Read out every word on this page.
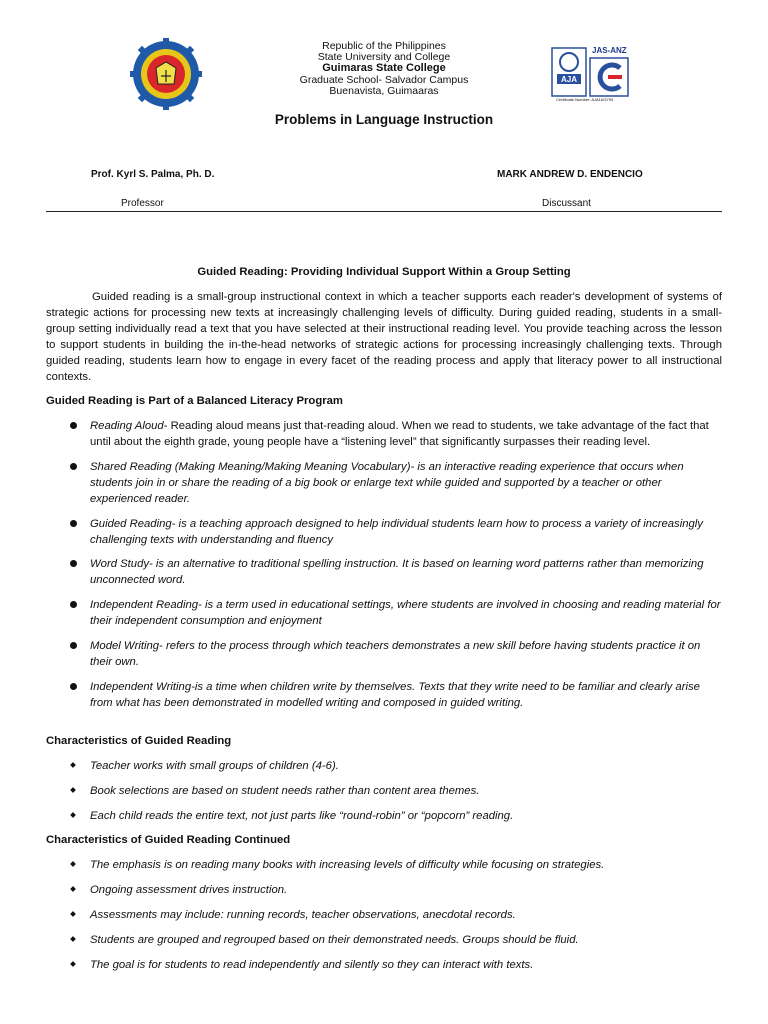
Republic of the Philippines
State University and College
Guimaras State College
Graduate School- Salvador Campus
Buenavista, Guimaaras
AJA
JAS-ANZ
Certificate Number: AJA16/3793
Problems in Language Instruction
Prof. Kyrl S. Palma, Ph. D.
Professor
MARK ANDREW D. ENDENCIO
Discussant
Guided Reading: Providing Individual Support Within a Group Setting
Guided reading is a small-group instructional context in which a teacher supports each reader's development of systems of strategic actions for processing new texts at increasingly challenging levels of difficulty. During guided reading, students in a small-group setting individually read a text that you have selected at their instructional reading level. You provide teaching across the lesson to support students in building the in-the-head networks of strategic actions for processing increasingly challenging texts. Through guided reading, students learn how to engage in every facet of the reading process and apply that literacy power to all instructional contexts.
Guided Reading is Part of a Balanced Literacy Program
Reading Aloud- Reading aloud means just that-reading aloud. When we read to students, we take advantage of the fact that until about the eighth grade, young people have a “listening level” that significantly surpasses their reading level.
Shared Reading (Making Meaning/Making Meaning Vocabulary)- is an interactive reading experience that occurs when students join in or share the reading of a big book or enlarge text while guided and supported by a teacher or other experienced reader.
Guided Reading- is a teaching approach designed to help individual students learn how to process a variety of increasingly challenging texts with understanding and fluency
Word Study- is an alternative to traditional spelling instruction. It is based on learning word patterns rather than memorizing unconnected word.
Independent Reading- is a term used in educational settings, where students are involved in choosing and reading material for their independent consumption and enjoyment
Model Writing- refers to the process through which teachers demonstrates a new skill before having students practice it on their own.
Independent Writing-is a time when children write by themselves. Texts that they write need to be familiar and clearly arise from what has been demonstrated in modelled writing and composed in guided writing.
Characteristics of Guided Reading
Teacher works with small groups of children (4-6).
Book selections are based on student needs rather than content area themes.
Each child reads the entire text, not just parts like “round-robin” or “popcorn” reading.
Characteristics of Guided Reading Continued
The emphasis is on reading many books with increasing levels of difficulty while focusing on strategies.
Ongoing assessment drives instruction.
Assessments may include: running records, teacher observations, anecdotal records.
Students are grouped and regrouped based on their demonstrated needs. Groups should be fluid.
The goal is for students to read independently and silently so they can interact with texts.
